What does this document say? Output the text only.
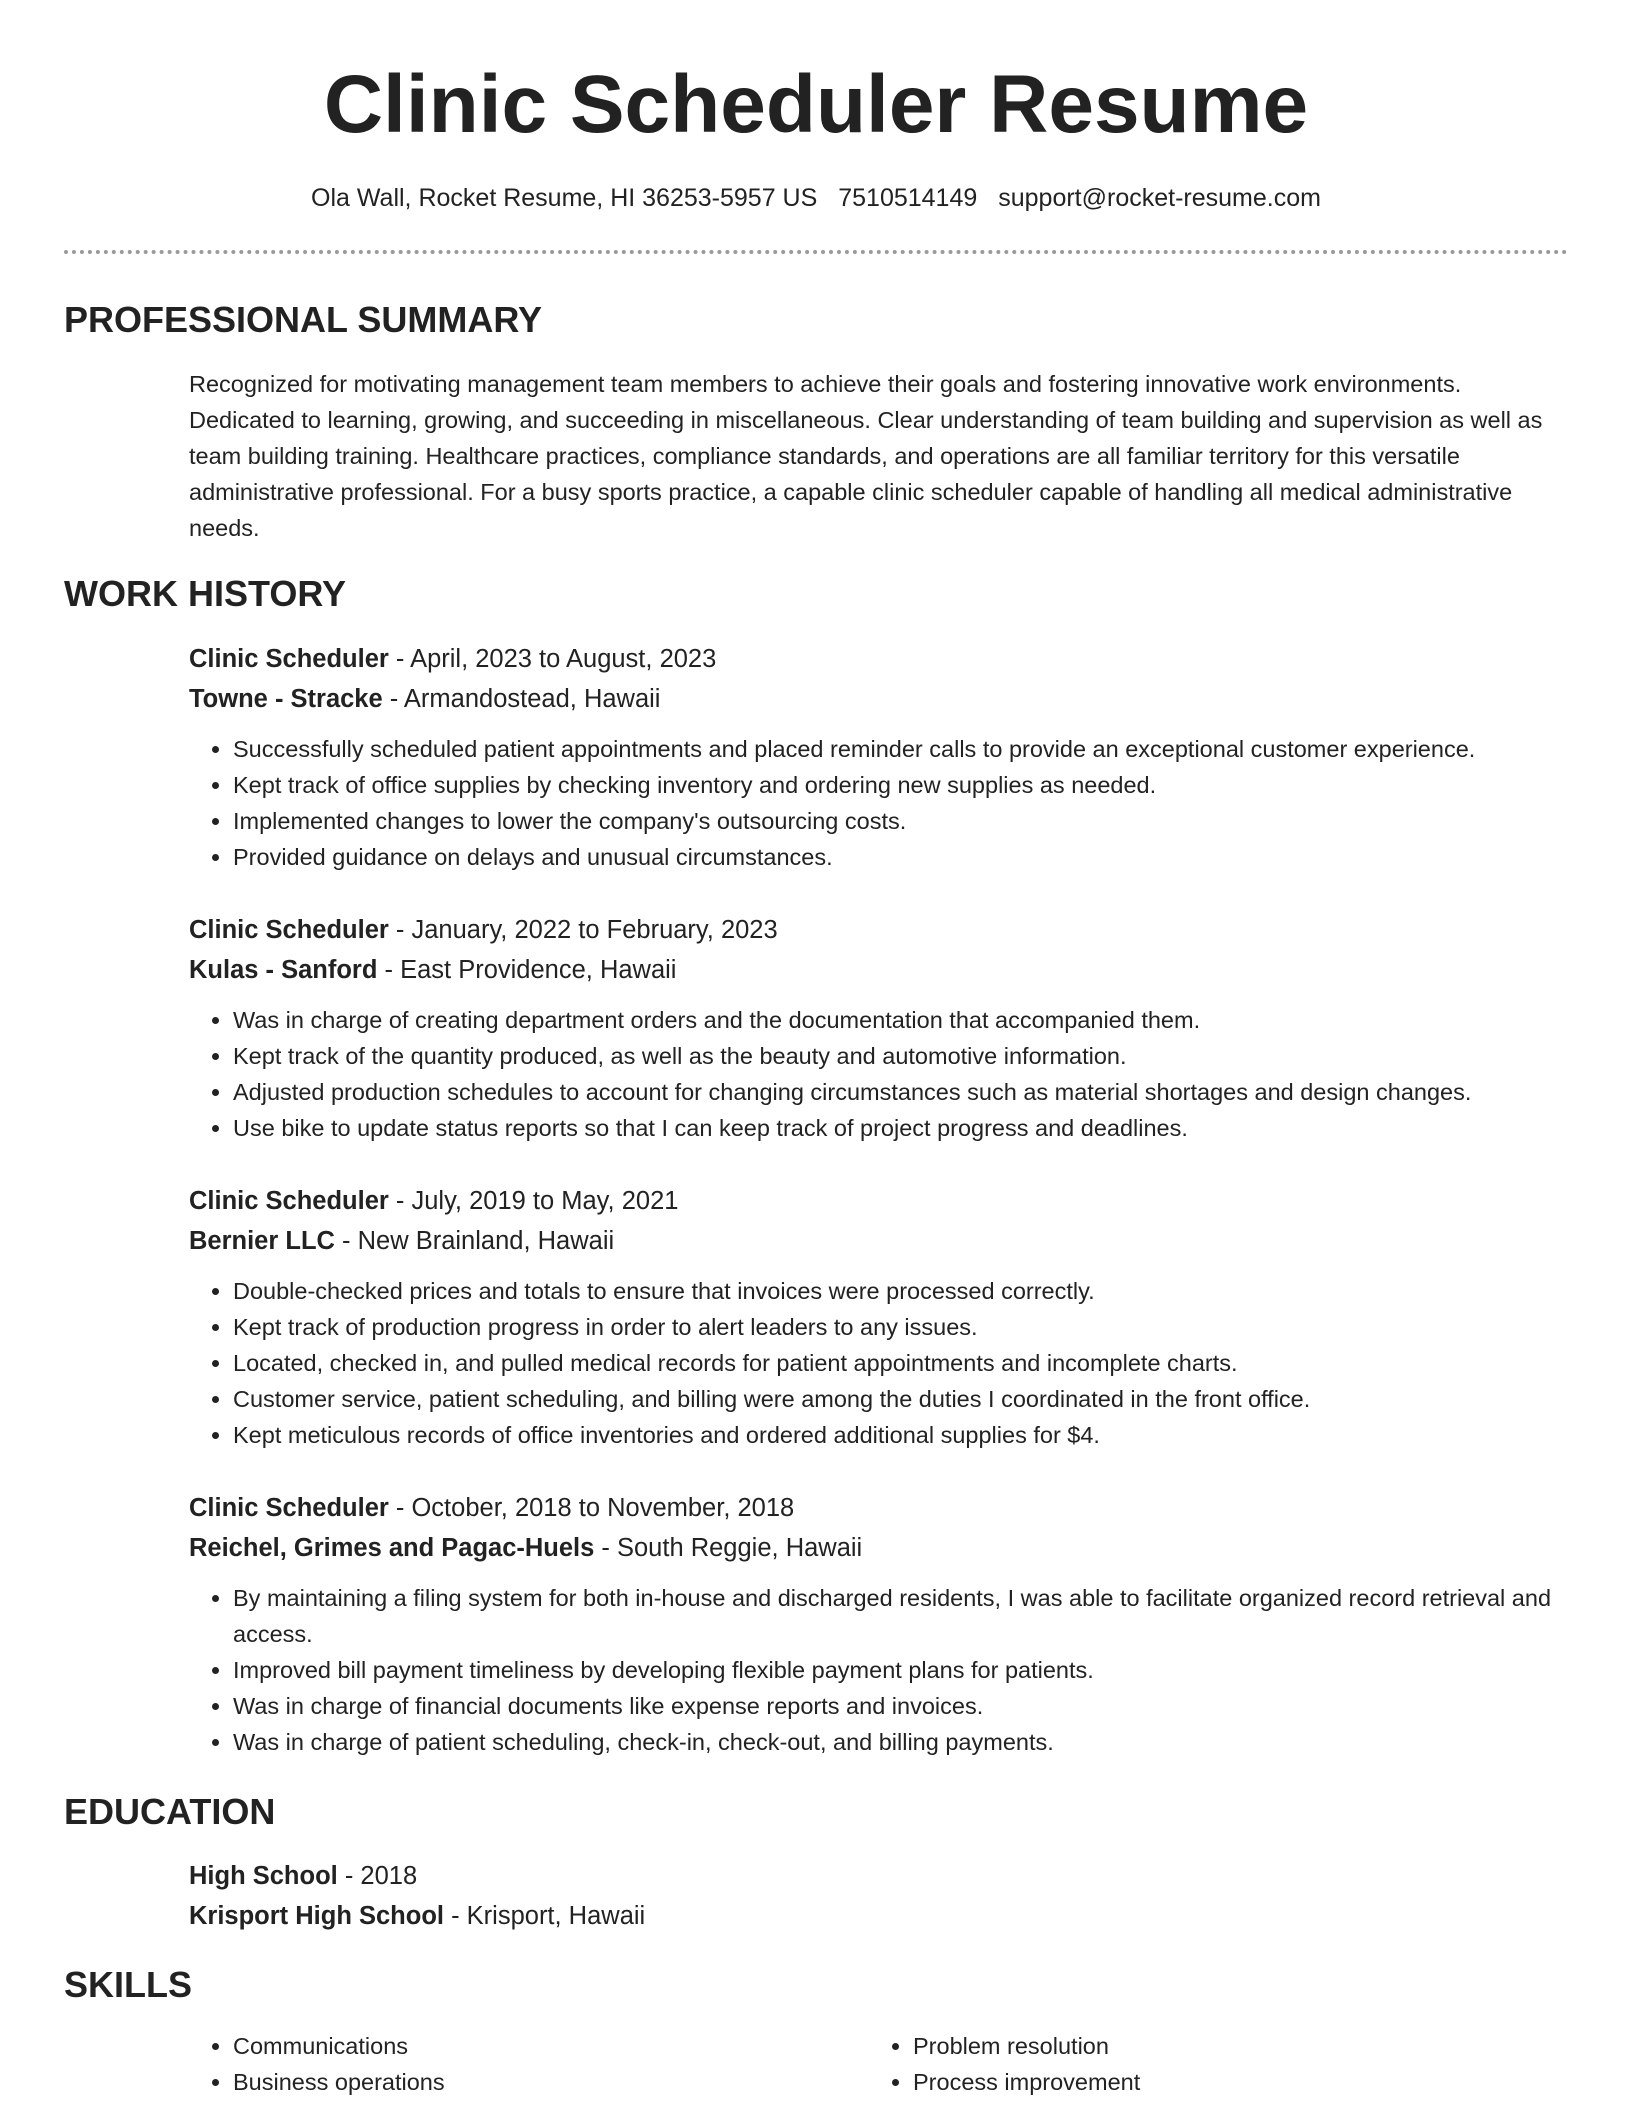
Clinic Scheduler Resume
Ola Wall, Rocket Resume, HI 36253-5957 US 7510514149 support@rocket-resume.com
PROFESSIONAL SUMMARY

Recognized for motivating management team members to achieve their goals and fostering innovative work environments. Dedicated to learning, growing, and succeeding in miscellaneous. Clear understanding of team building and supervision as well as team building training. Healthcare practices, compliance standards, and operations are all familiar territory for this versatile administrative professional. For a busy sports practice, a capable clinic scheduler capable of handling all medical administrative needs.

WORK HISTORY
Clinic Scheduler - April, 2023 to August, 2023
Towne - Stracke - Armandostead, Hawaii
• Successfully scheduled patient appointments and placed reminder calls to provide an exceptional customer experience.
• Kept track of office supplies by checking inventory and ordering new supplies as needed.
• Implemented changes to lower the company's outsourcing costs.
• Provided guidance on delays and unusual circumstances.
Clinic Scheduler - January, 2022 to February, 2023
Kulas - Sanford - East Providence, Hawaii
• Was in charge of creating department orders and the documentation that accompanied them.
• Kept track of the quantity produced, as well as the beauty and automotive information.
• Adjusted production schedules to account for changing circumstances such as material shortages and design changes.
• Use bike to update status reports so that I can keep track of project progress and deadlines.
Clinic Scheduler - July, 2019 to May, 2021
Bernier LLC - New Brainland, Hawaii
• Double-checked prices and totals to ensure that invoices were processed correctly.
• Kept track of production progress in order to alert leaders to any issues.
• Located, checked in, and pulled medical records for patient appointments and incomplete charts.
• Customer service, patient scheduling, and billing were among the duties I coordinated in the front office.
• Kept meticulous records of office inventories and ordered additional supplies for $4.
Clinic Scheduler - October, 2018 to November, 2018
Reichel, Grimes and Pagac-Huels - South Reggie, Hawaii
• By maintaining a filing system for both in-house and discharged residents, I was able to facilitate organized record retrieval and access.
• Improved bill payment timeliness by developing flexible payment plans for patients.
• Was in charge of financial documents like expense reports and invoices.
• Was in charge of patient scheduling, check-in, check-out, and billing payments.
EDUCATION
High School - 2018
Krisport High School - Krisport, Hawaii
SKILLS
• Communications
• Business operations
• Problem resolution
• Process improvement
